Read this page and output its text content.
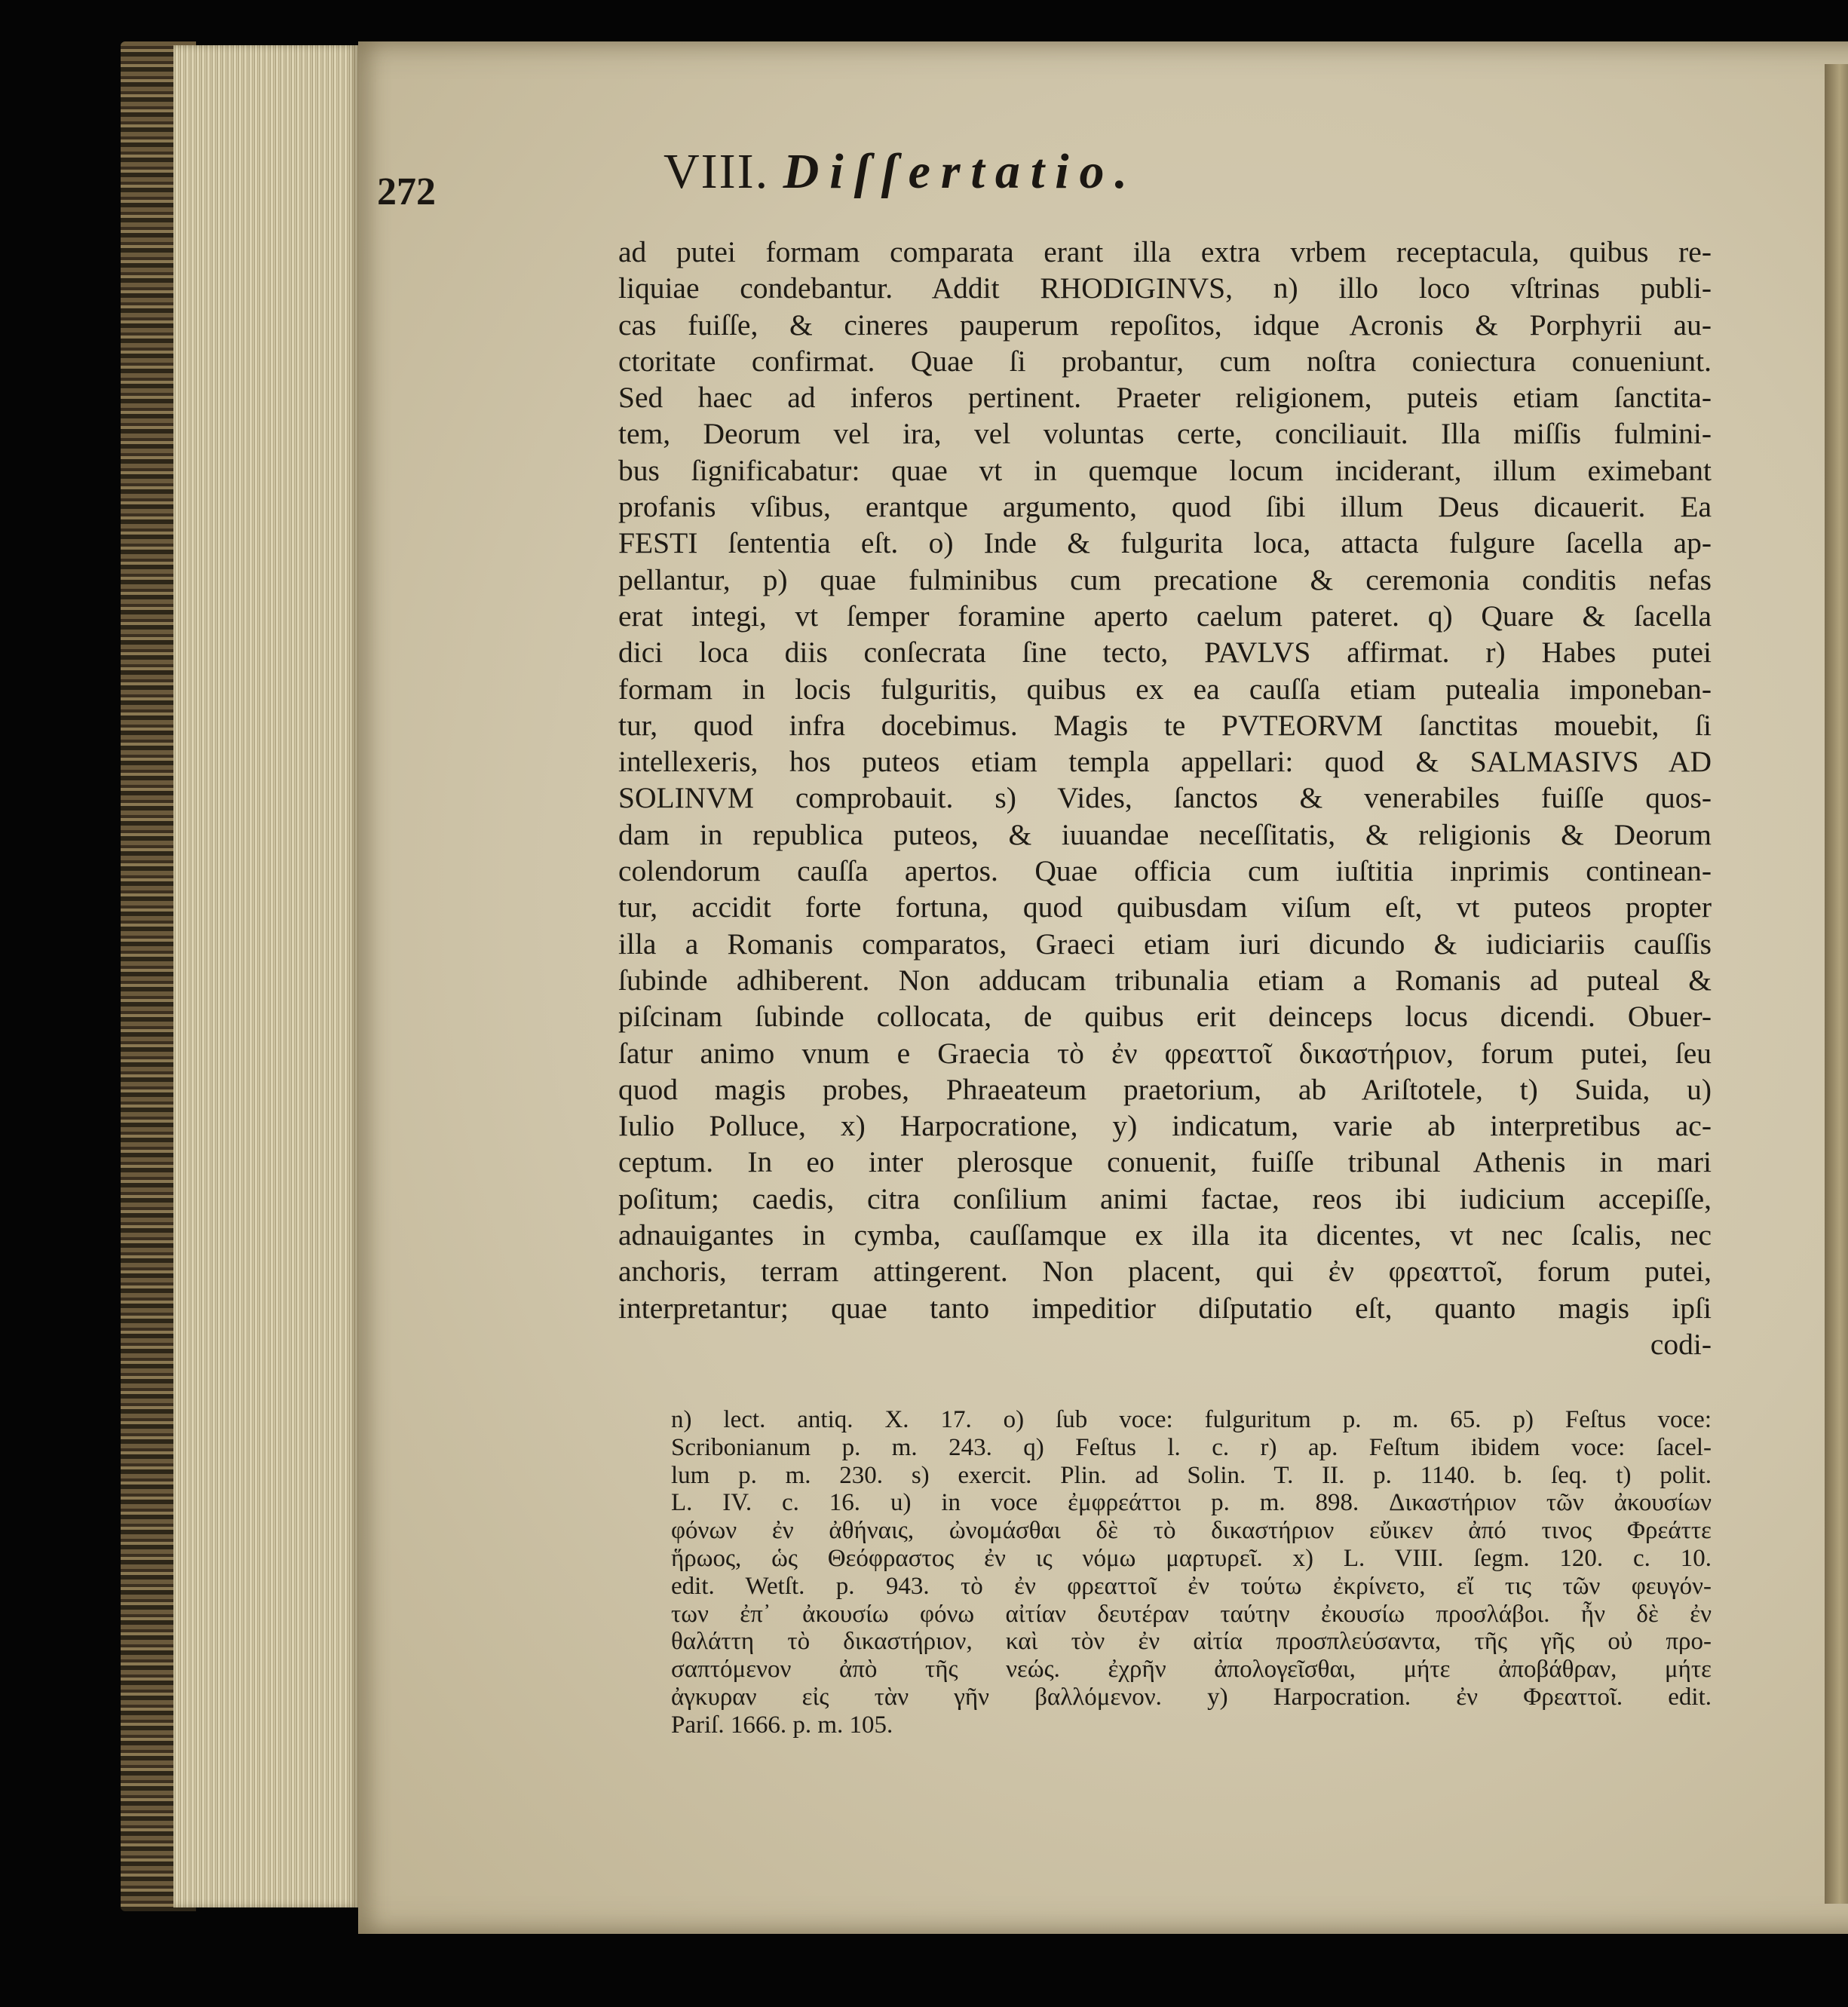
272	VIII. Diſſertatio.
ad putei formam comparata erant illa extra vrbem receptacula, quibus re-
liquiae condebantur. Addit RHODIGINVS, n) illo loco vſtrinas publi-
cas fuiſſe, & cineres pauperum repoſitos, idque Acronis & Porphyrii au-
ctoritate confirmat. Quae ſi probantur, cum noſtra coniectura conueniunt.
Sed haec ad inferos pertinent. Praeter religionem, puteis etiam ſanctita-
tem, Deorum vel ira, vel voluntas certe, conciliauit. Illa miſſis fulmini-
bus ſignificabatur: quae vt in quemque locum inciderant, illum eximebant
profanis vſibus, erantque argumento, quod ſibi illum Deus dicauerit. Ea
FESTI ſententia eſt. o) Inde & fulgurita loca, attacta fulgure ſacella ap-
pellantur, p) quae fulminibus cum precatione & ceremonia conditis nefas
erat integi, vt ſemper foramine aperto caelum pateret. q) Quare & ſacella
dici loca diis conſecrata ſine tecto, PAVLVS affirmat. r) Habes putei
formam in locis fulguritis, quibus ex ea cauſſa etiam putealia imponeban-
tur, quod infra docebimus. Magis te PVTEORVM ſanctitas mouebit, ſi
intellexeris, hos puteos etiam templa appellari: quod & SALMASIVS AD
SOLINVM comprobauit. s) Vides, ſanctos & venerabiles fuiſſe quos-
dam in republica puteos, & iuuandae neceſſitatis, & religionis & Deorum
colendorum cauſſa apertos. Quae officia cum iuſtitia inprimis continean-
tur, accidit forte fortuna, quod quibusdam viſum eſt, vt puteos propter
illa a Romanis comparatos, Graeci etiam iuri dicundo & iudiciariis cauſſis
ſubinde adhiberent. Non adducam tribunalia etiam a Romanis ad puteal &
piſcinam ſubinde collocata, de quibus erit deinceps locus dicendi. Obuer-
ſatur animo vnum e Graecia τὸ ἐν φρεαττοῖ δικαστήριον, forum putei, ſeu
quod magis probes, Phraeateum praetorium, ab Ariſtotele, t) Suida, u)
Iulio Polluce, x) Harpocratione, y) indicatum, varie ab interpretibus ac-
ceptum. In eo inter plerosque conuenit, fuiſſe tribunal Athenis in mari
poſitum; caedis, citra conſilium animi factae, reos ibi iudicium accepiſſe,
adnauigantes in cymba, cauſſamque ex illa ita dicentes, vt nec ſcalis, nec
anchoris, terram attingerent. Non placent, qui ἐν φρεαττοῖ, forum putei,
interpretantur; quae tanto impeditior diſputatio eſt, quanto magis ipſi
codi-
n) lect. antiq. X. 17. o) ſub voce: fulguritum p. m. 65. p) Feſtus voce:
Scribonianum p. m. 243. q) Feſtus l. c. r) ap. Feſtum ibidem voce: ſacel-
lum p. m. 230. s) exercit. Plin. ad Solin. T. II. p. 1140. b. ſeq. t) polit.
L. IV. c. 16. u) in voce ἐμφρεάττοι p. m. 898. Δικαστήριον τῶν ἀκουσίων
φόνων ἐν ἀθήναις, ὠνομάσθαι δὲ τὸ δικαστήριον εὔικεν ἀπό τινος Φρεάττε
ἥρωος, ὡς Θεόφραστος ἐν ις νόμω μαρτυρεῖ. x) L. VIII. ſegm. 120. c. 10.
edit. Wetſt. p. 943. τὸ ἐν φρεαττοῖ ἐν τούτω ἐκρίνετο, εἴ τις τῶν φευγόν-
των ἐπ᾽ ἀκουσίω φόνω αἰτίαν δευτέραν ταύτην ἐκουσίω προσλάβοι. ἦν δὲ ἐν
θαλάττη τὸ δικαστήριον, καὶ τὸν ἐν αἰτία προσπλεύσαντα, τῆς γῆς οὐ προ-
σαπτόμενον ἀπὸ τῆς νεώς. ἐχρῆν ἀπολογεῖσθαι, μήτε ἀποβάθραν, μήτε
ἀγκυραν εἰς τὰν γῆν βαλλόμενον. y) Harpocration. ἐν Φρεαττοῖ. edit.
Pariſ. 1666. p. m. 105.
